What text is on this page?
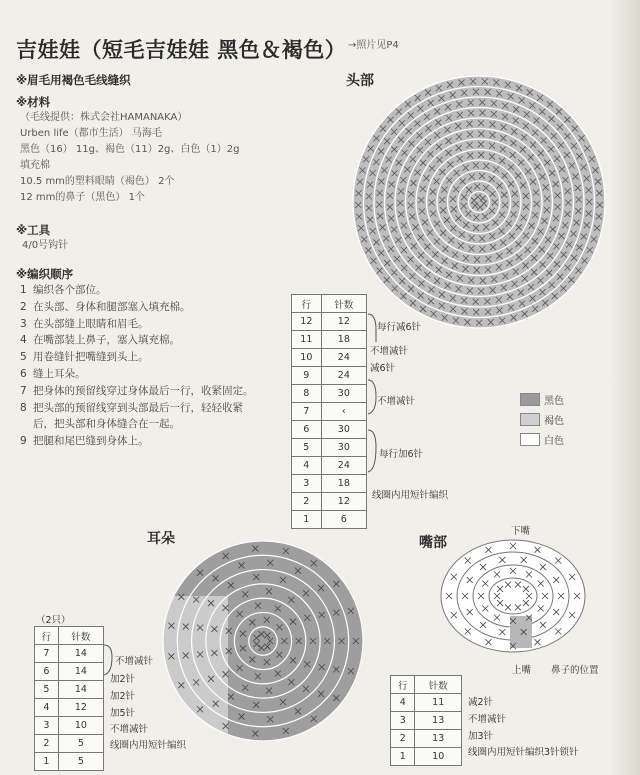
吉娃娃（短毛吉娃娃 黑色＆褐色） →照片见P4
※眉毛用褐色毛线缝织
※材料
（毛线提供：株式会社HAMANAKA）
Urben life（都市生活） 马海毛
黑色（16） 11g、褐色（11）2g、白色（1）2g
填充棉
10.5 mm的塑料眼睛（褐色） 2个
12 mm的鼻子（黑色） 1个
※工具
4/0号钩针
※编织顺序
1 编织各个部位。
2 在头部、身体和腿部塞入填充棉。
3 在头部缝上眼睛和眉毛。
4 在嘴部装上鼻子，塞入填充棉。
5 用卷缝针把嘴缝到头上。
6 缝上耳朵。
7 把身体的预留线穿过身体最后一行，收紧固定。
8 把头部的预留线穿到头部最后一行，轻轻收紧
后，把头部和身体缝合在一起。
9 把腿和尾巴缝到身体上。
头部
行	针数
12	12
11	18
10	24
9	24
8	30
7	‹
6	30
5	30
4	24
3	18
2	12
1	6
每行减6针
不增减针
减6针
不增减针
每行加6针
线圈内用短针编织
黑色
褐色
白色
耳朵
（2只）
行	针数
7	14
6	14
5	14
4	12
3	10
2	5
1	5
不增减针
加2针
加2针
加5针
不增减针
线圈内用短针编织
嘴部
下嘴
上嘴 鼻子的位置
行	针数
4	11
3	13
2	13
1	10
减2针
不增减针
加3针
线圈内用短针编织3针锁针
